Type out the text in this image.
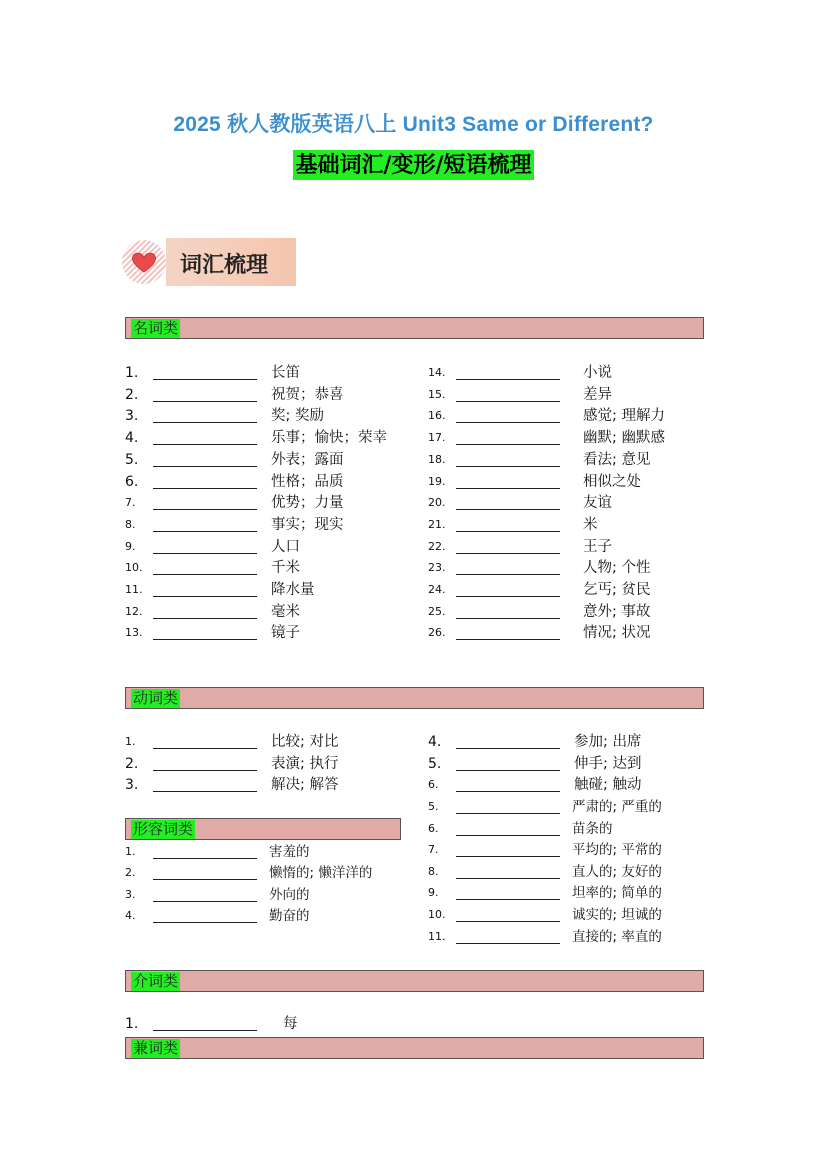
2025 秋人教版英语八上 Unit3 Same or Different?
基础词汇/变形/短语梳理
词汇梳理
名词类
1.	长笛
2.	祝贺；恭喜
3.	奖; 奖励
4.	乐事；愉快；荣幸
5.	外表；露面
6.	性格；品质
7.	优势；力量
8.	事实；现实
9.	人口
10.	千米
11.	降水量
12.	毫米
13.	镜子
14.	小说
15.	差异
16.	感觉; 理解力
17.	幽默; 幽默感
18.	看法; 意见
19.	相似之处
20.	友谊
21.	米
22.	王子
23.	人物; 个性
24.	乞丐; 贫民
25.	意外; 事故
26.	情况; 状况
动词类
1.	比较; 对比
2.	表演; 执行
3.	解决; 解答
4.	参加; 出席
5.	伸手; 达到
6.	触碰; 触动
形容词类
1.	害羞的
2.	懒惰的; 懒洋洋的
3.	外向的
4.	勤奋的
5.	严肃的; 严重的
6.	苗条的
7.	平均的; 平常的
8.	直人的; 友好的
9.	坦率的; 简单的
10.	诚实的; 坦诚的
11.	直接的; 率直的
介词类
1.	每
兼词类
